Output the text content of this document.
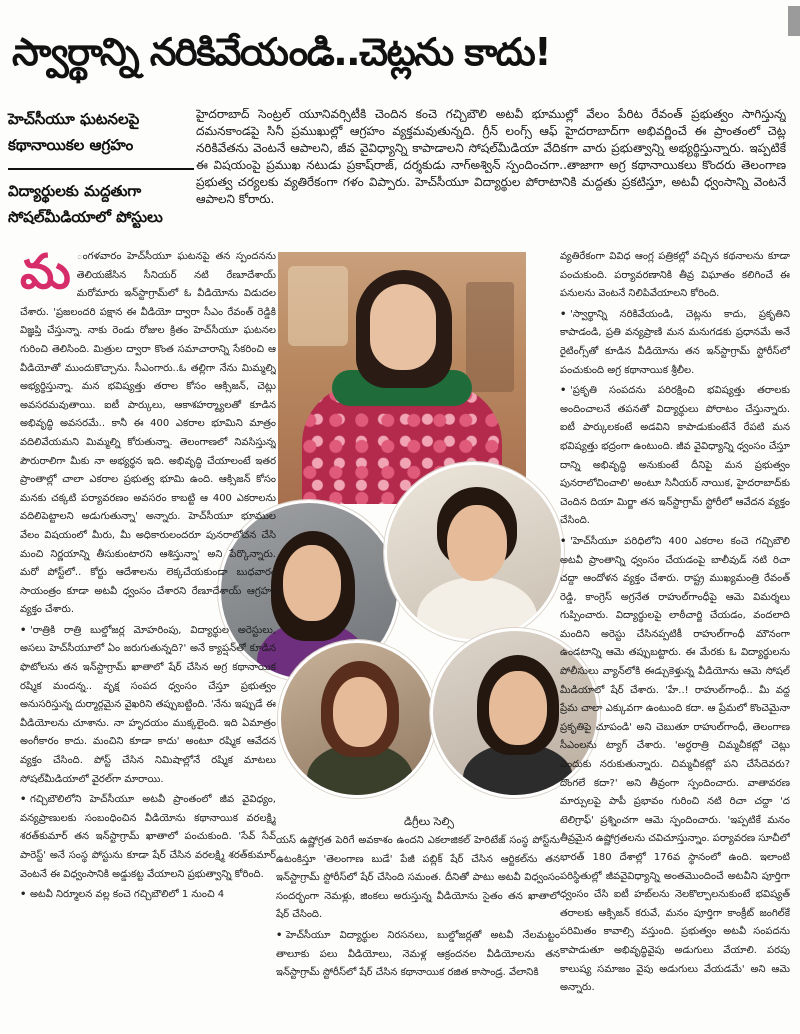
స్వార్థాన్ని నరికివేయండి..చెట్లను కాదు!
హెచ్‌సీయూ ఘటనలపై కథానాయికల ఆగ్రహం
విద్యార్థులకు మద్దతుగా సోషల్‌మీడియాలో పోస్టులు
హైదరాబాద్ సెంట్రల్ యూనివర్సిటీకి చెందిన కంచె గచ్చిబౌలి అటవీ భూముల్లో వేలం పేరిట రేవంత్ ప్రభుత్వం సాగిస్తున్న దమనకాండపై సినీ ప్రముఖుల్లో ఆగ్రహం వ్యక్తమవుతున్నది. గ్రీన్ లంగ్స్ ఆఫ్ హైదరాబాద్‌గా అభివర్ణించే ఈ ప్రాంతంలో చెట్ల నరికివేతను వెంటనే ఆపాలని, జీవ వైవిధ్యాన్ని కాపాడాలని సోషల్‌మీడియా వేదికగా వారు ప్రభుత్వాన్ని అభ్యర్థిస్తున్నారు. ఇప్పటికే ఈ విషయంపై ప్రముఖ నటుడు ప్రకాష్‌రాజ్, దర్శకుడు నాగ్‌అశ్విన్ స్పందించగా..తాజాగా అగ్ర కథానాయికలు కొందరు తెలంగాణ ప్రభుత్వ చర్యలకు వ్యతిరేకంగా గళం విప్పారు. హెచ్‌సీయూ విద్యార్థుల పోరాటానికి మద్దతు ప్రకటిస్తూ, అటవీ ధ్వంసాన్ని వెంటనే ఆపాలని కోరారు.

మ ంగళవారం హెచ్‌సీయూ ఘటనపై తన స్పందనను తెలియజేసిన సీనియర్ నటి రేణూదేశాయ్ మరోమారు ఇన్‌స్టాగ్రామ్‌లో ఓ వీడియోను విడుదల చేశారు. 'ప్రజలందరి పక్షాన ఈ వీడియో ద్వారా సీఎం రేవంత్ రెడ్డికి విజ్ఞప్తి చేస్తున్నా. నాకు రెండు రోజుల క్రితం హెచ్‌సీయూ ఘటనల గురించి తెలిసింది. మిత్రుల ద్వారా కొంత సమాచారాన్ని సేకరించి ఆ వీడియోతో ముందుకొచ్చాను. సీఎంగారు..ఓ తల్లిగా నేను మిమ్మల్ని అభ్యర్థిస్తున్నా. మన భవిష్యత్తు తరాల కోసం ఆక్సిజన్, చెట్లు అవసరమవుతాయి. ఐటీ పార్కులు, ఆకాశహర్మ్యాలతో కూడిన అభివృద్ధి అవసరమే.. కానీ ఈ 400 ఎకరాల భూమిని మాత్రం వదిలివేయమని మిమ్మల్ని కోరుతున్నా. తెలంగాణలో నివసిస్తున్న పౌరురాలిగా మీకు నా అభ్యర్థన ఇది. అభివృద్ధి చేయాలంటే ఇతర ప్రాంతాల్లో చాలా ఎకరాల ప్రభుత్వ భూమి ఉంది. ఆక్సిజన్ కోసం మనకు చక్కటి పర్యావరణం అవసరం కాబట్టి ఆ 400 ఎకరాలను వదిలిపెట్టాలని అడుగుతున్నా' అన్నారు. హెచ్‌సీయూ భూముల వేలం విషయంలో మీరు, మీ అధికారులందరూ పునరాలోచన చేసి మంచి నిర్ణయాన్ని తీసుకుంటారని ఆశిస్తున్నా' అని పేర్కొన్నారు. మరో పోస్ట్‌లో.. కోర్టు ఆదేశాలను లెక్కచేయకుండా బుధవారం సాయంత్రం కూడా అటవీ ధ్వంసం చేశారని రేణూదేశాయ్ ఆగ్రహం వ్యక్తం చేశారు.

• 'రాత్రికి రాత్రి బుల్డోజర్ల మోహరింపు, విద్యార్థుల అరెస్టులు, అసలు హెచ్‌సీయూలో ఏం జరుగుతున్నది?' అనే క్యాప్షన్‌తో కూడిన ఫొటోలను తన ఇన్‌స్టాగ్రామ్ ఖాతాలో షేర్ చేసిన అగ్ర కథానాయిక రష్మిక మందన్న.. వృక్ష సంపద ధ్వంసం చేస్తూ ప్రభుత్వం అనుసరిస్తున్న దుర్మార్గమైన వైఖరిని తప్పుబట్టింది. 'నేను ఇప్పుడే ఈ వీడియోలను చూశాను. నా హృదయం ముక్కలైంది. ఇది ఏమాత్రం అంగీకారం కాదు. మంచిని కూడా కాదు' అంటూ రష్మిక ఆవేదన వ్యక్తం చేసింది. పోస్ట్ చేసిన నిమిషాల్లోనే రష్మిక మాటలు సోషల్‌మీడియాలో వైరల్‌గా మారాయి.

• గచ్చిబౌలిలోని హెచ్‌సీయూ అటవీ ప్రాంతంలో జీవ వైవిధ్యం, వన్యప్రాణులకు సంబంధించిన వీడియోను కథానాయిక వరలక్ష్మి శరత్‌కుమార్ తన ఇన్‌స్టాగ్రామ్ ఖాతాలో పంచుకుంది. 'సేవ్ సేవ్ పారెస్ట్' అనే సంస్థ పోస్టును కూడా షేర్ చేసిన వరలక్ష్మి శరత్‌కుమార్ వెంటనే ఈ విధ్వంసానికి అడ్డుకట్ట వేయాలని ప్రభుత్వాన్ని కోరింది.

• అటవీ నిర్మూలన వల్ల కంచె గచ్చిబౌలిలో 1 నుంచి 4

డిగ్రీలు సెల్సి

యస్ ఉష్ణోగ్రత పెరిగే అవకాశం ఉందని ఎకలాజికల్ హెరిటేజ్ సంస్థ పోస్ట్‌ను ఉటంకిస్తూ 'తెలంగాణ బుడే' పేజీ పబ్లిక్ షేర్ చేసిన ఆర్టికల్‌ను తన ఇన్‌స్టాగ్రామ్ స్టోరీస్‌లో షేర్ చేసింది సమంత. దీనితో పాటు అటవీ విధ్వంసం సందర్భంగా నెమళ్లు, జింకలు అరుస్తున్న వీడియోను సైతం తన ఖాతాలో షేర్ చేసింది.

• హెచ్‌సీయూ విద్యార్థుల నిరసనలు, బుల్డోజర్లతో అటవీ నేలమట్టం తాలూకు పలు వీడియోలు, నెమళ్ల ఆక్రందనల వీడియోలను తన ఇన్‌స్టాగ్రామ్ స్టోరీస్‌లో షేర్ చేసిన కథానాయిక రజిత కాసాండ్ర. వేలానికి

వ్యతిరేకంగా వివిధ ఆంగ్ల పత్రికల్లో వచ్చిన కథనాలను కూడా పంచుకుంది. పర్యావరణానికి తీవ్ర విఘాతం కలిగించే ఈ పనులను వెంటనే నిలిపివేయాలని కోరింది.

• 'స్వార్థాన్ని నరికివేయండి, చెట్లను కాదు, ప్రకృతిని కాపాడండి, ప్రతి వన్యప్రాణి మన మనుగడకు ప్రధానమే అనే రైటింగ్స్‌తో కూడిన వీడియోను తన ఇన్‌స్టాగ్రామ్ స్టోరీస్‌లో పంచుకుంది అగ్ర కథానాయిక శ్రీలీల.

• 'ప్రకృతి సంపదను పరిరక్షించి భవిష్యత్తు తరాలకు అందించాలనే తపనతో విద్యార్థులు పోరాటం చేస్తున్నారు. ఐటీ పార్కులకంటే అడవిని కాపాడుకుంటేనే రేపటి మన భవిష్యత్తు భద్రంగా ఉంటుంది. జీవ వైవిధ్యాన్ని ధ్వంసం చేస్తూ దాన్ని అభివృద్ధి అనుకుంటే దీనిపై మన ప్రభుత్వం పునరాలోచించాలి' అంటూ సినీయర్ నాయిక, హైదరాబాద్‌కు చెందిన దియా మిర్జా తన ఇన్‌స్టాగ్రామ్ స్టోరీలో ఆవేదన వ్యక్తం చేసింది.

• 'హెచ్‌సీయూ పరిధిలోని 400 ఎకరాల కంచె గచ్చిబౌలి అటవీ ప్రాంతాన్ని ధ్వంసం చేయడంపై బాలీవుడ్ నటి రిచా చద్దా ఆందోళన వ్యక్తం చేశారు. రాష్ట్ర ముఖ్యమంత్రి రేవంత్ రెడ్డి, కాంగ్రెస్ అగ్రనేత రాహుల్‌గాంధీపై ఆమె విమర్శలు గుప్పించారు. విద్యార్థులపై లాఠీచార్జి చేయడం, వందలాది మందిని అరెస్టు చేసినప్పటికీ రాహుల్‌గాంధీ మౌనంగా ఉండటాన్ని ఆమె తప్పుబట్టారు. ఈ మేరకు ఓ విద్యార్థులను పోలీసులు వ్యాన్‌లోకి ఈడ్చుకెళ్తున్న వీడియోను ఆమె సోషల్ మీడియాలో షేర్ చేశారు. 'హే..! రాహుల్‌గాంధీ.. మీ వద్ద ప్రేమ చాలా ఎక్కువగా ఉంటుంది కదా. ఆ ప్రేమలో కొంచెమైనా ప్రకృతిపై చూపండి' అని చెబుతూ రాహుల్‌గాంధీ, తెలంగాణ సీఎంలను ట్యాగ్ చేశారు. 'అర్ధరాత్రి చిమ్మచీకట్లో చెట్లు ఎందుకు నరుకుతున్నారు. చిమ్మచీకట్లో పని చేసేదెవరు? దొంగలే కదా?' అని తీవ్రంగా స్పందించారు. వాతావరణ మార్పులపై పాపీ ప్రభావం గురించి నటి రిచా చద్దా 'ద టెలిగ్రాఫ్' ప్రశ్నించగా ఆమె స్పందించారు. 'ఇప్పటికే మనం తీవ్రమైన ఉష్ణోగ్రతలను చవిచూస్తున్నాం. పర్యావరణ సూచీలో భారత్ 180 దేశాల్లో 176వ స్థానంలో ఉంది. ఇలాంటి పరిస్థితుల్లో జీవవైవిధ్యాన్ని అంతమొందించే అటవీని పూర్తిగా ధ్వంసం చేసి ఐటీ హబ్‌లను నెలకొల్పాలనుకుంటే భవిష్యత్ తరాలకు ఆక్సిజన్ కరువే, మనం పూర్తిగా కాంక్రీట్ జంగిల్‌కే పరిమితం కావాల్సి వస్తుంది. ప్రభుత్వం అటవీ సంపదను కాపాడుతూ అభివృద్ధివైపు అడుగులు వేయాలి. పరపు కాలుష్య సమాజం వైపు అడుగులు వేయడమే' అని ఆమె అన్నారు.
